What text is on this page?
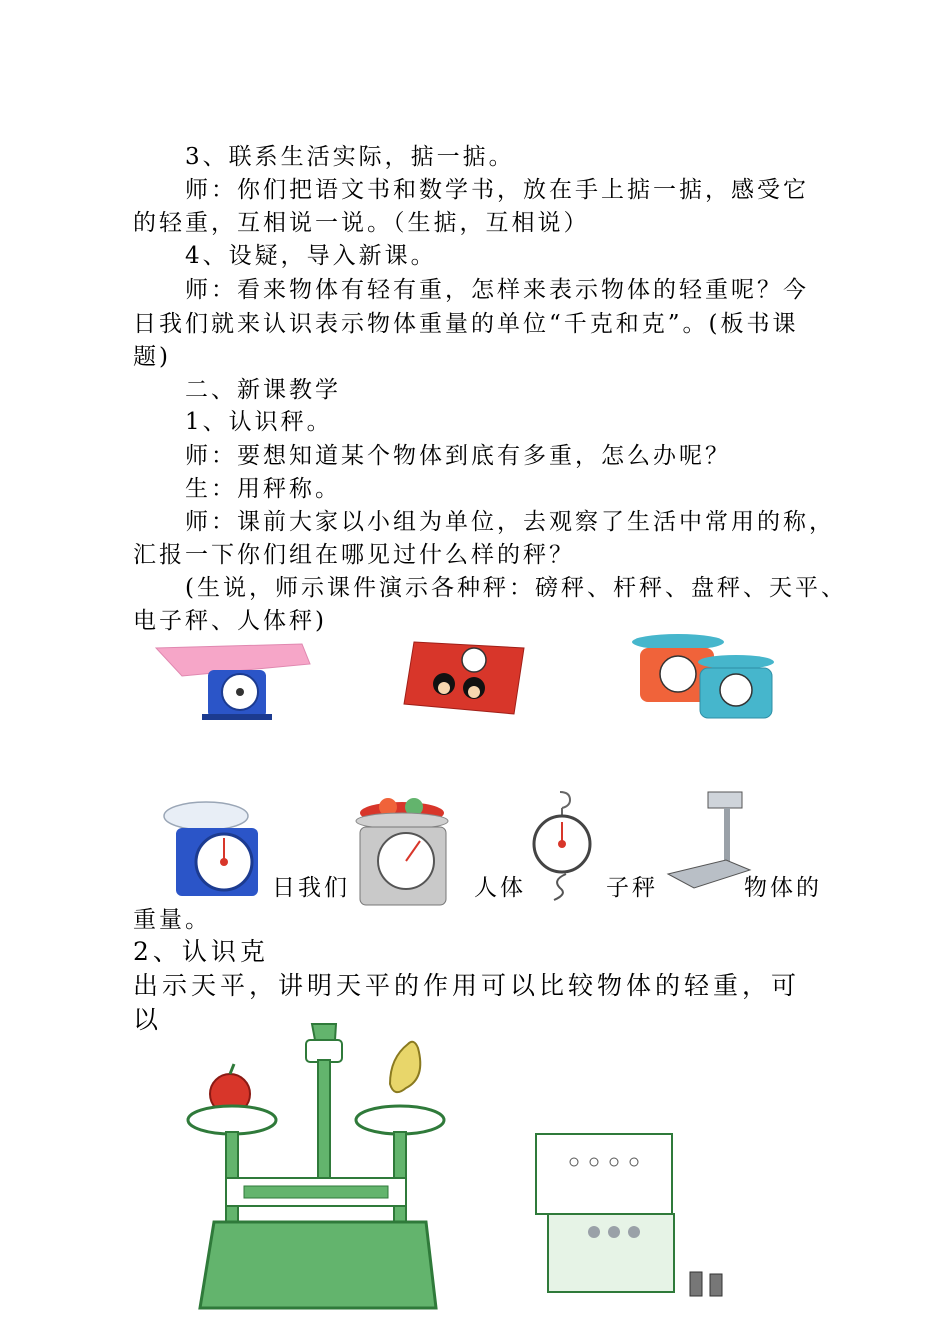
3、联系生活实际，掂一掂。

师：你们把语文书和数学书，放在手上掂一掂，感受它

的轻重，互相说一说。（生掂，互相说）

4、设疑，导入新课。

师：看来物体有轻有重，怎样来表示物体的轻重呢？今

日我们就来认识表示物体重量的单位“千克和克”。(板书课

题)

二、新课教学

1、认识秤。

师：要想知道某个物体到底有多重，怎么办呢？

生：用秤称。

师：课前大家以小组为单位，去观察了生活中常用的称，

汇报一下你们组在哪见过什么样的秤？

(生说，师示课件演示各种秤：磅秤、杆秤、盘秤、天平、

电子秤、人体秤)

日我们	人体	子秤	物体的

重量。

2、认识克

出示天平，讲明天平的作用可以比较物体的轻重，可

以
